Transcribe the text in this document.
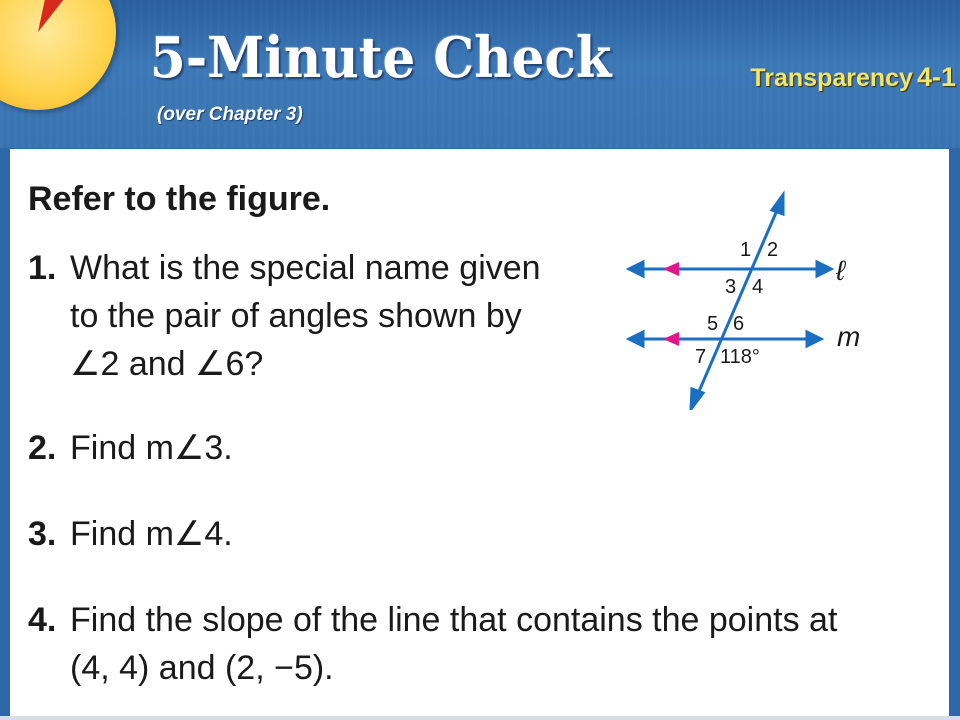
5-Minute Check
(over Chapter 3)
Transparency 4-1
Refer to the figure.
1. What is the special name given
to the pair of angles shown by
∠2 and ∠6?
2. Find m∠3.
3. Find m∠4.
4. Find the slope of the line that contains the points at
(4, 4) and (2, −5).
1 2
3 4
5 6
7 118°
ℓ
m
